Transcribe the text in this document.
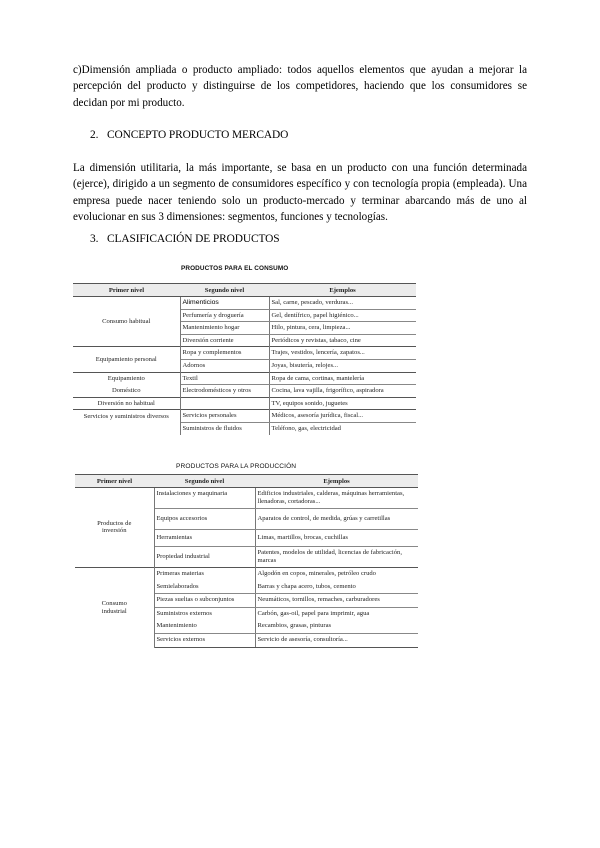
c)Dimensión ampliada o producto ampliado: todos aquellos elementos que ayudan a mejorar la percepción del producto y distinguirse de los competidores, haciendo que los consumidores se decidan por mi producto.

2. CONCEPTO PRODUCTO MERCADO

La dimensión utilitaria, la más importante, se basa en un producto con una función determinada (ejerce), dirigido a un segmento de consumidores específico y con tecnología propia (empleada). Una empresa puede nacer teniendo solo un producto-mercado y terminar abarcando más de uno al evolucionar en sus 3 dimensiones: segmentos, funciones y tecnologías.

3. CLASIFICACIÓN DE PRODUCTOS
PRODUCTOS PARA EL CONSUMO
Primer nivel	Segundo nivel	Ejemplos
Consumo habitual	Alimenticios	Sal, carne, pescado, verduras...
	Perfumería y droguería	Gel, dentífrico, papel higiénico...
	Mantenimiento hogar	Hilo, pintura, cera, limpieza...
	Diversión corriente	Periódicos y revistas, tabaco, cine
Equipamiento personal	Ropa y complementos	Trajes, vestidos, lencería, zapatos...
	Adornos	Joyas, bisutería, relojes...
Equipamiento	Textil	Ropa de cama, cortinas, mantelería
Doméstico	Electrodomésticos y otros	Cocina, lava vajilla, frigorífico, aspiradora
Diversión no habitual		TV, equipos sonido, juguetes
Servicios y suministros diversos	Servicios personales	Médicos, asesoría jurídica, fiscal...
	Suministros de fluidos	Teléfono, gas, electricidad
PRODUCTOS PARA LA PRODUCCIÓN
Primer nivel	Segundo nivel	Ejemplos
Productos de
inversión	Instalaciones y maquinaria	Edificios industriales, calderas, máquinas herramientas, llenadoras, cortadoras...
	Equipos accesorios	Aparatos de control, de medida, grúas y carretillas
	Herramientas	Limas, martillos, brocas, cuchillas
	Propiedad industrial	Patentes, modelos de utilidad, licencias de fabricación, marcas
Consumo
industrial	Primeras materias	Algodón en copos, minerales, petróleo crudo
	Semielaborados	Barras y chapa acero, tubos, cemento
	Piezas sueltas o subconjuntos	Neumáticos, tornillos, remaches, carburadores
	Suministros externos	Carbón, gas-oil, papel para imprimir, agua
	Mantenimiento	Recambios, grasas, pinturas
	Servicios externos	Servicio de asesoría, consultoría...
